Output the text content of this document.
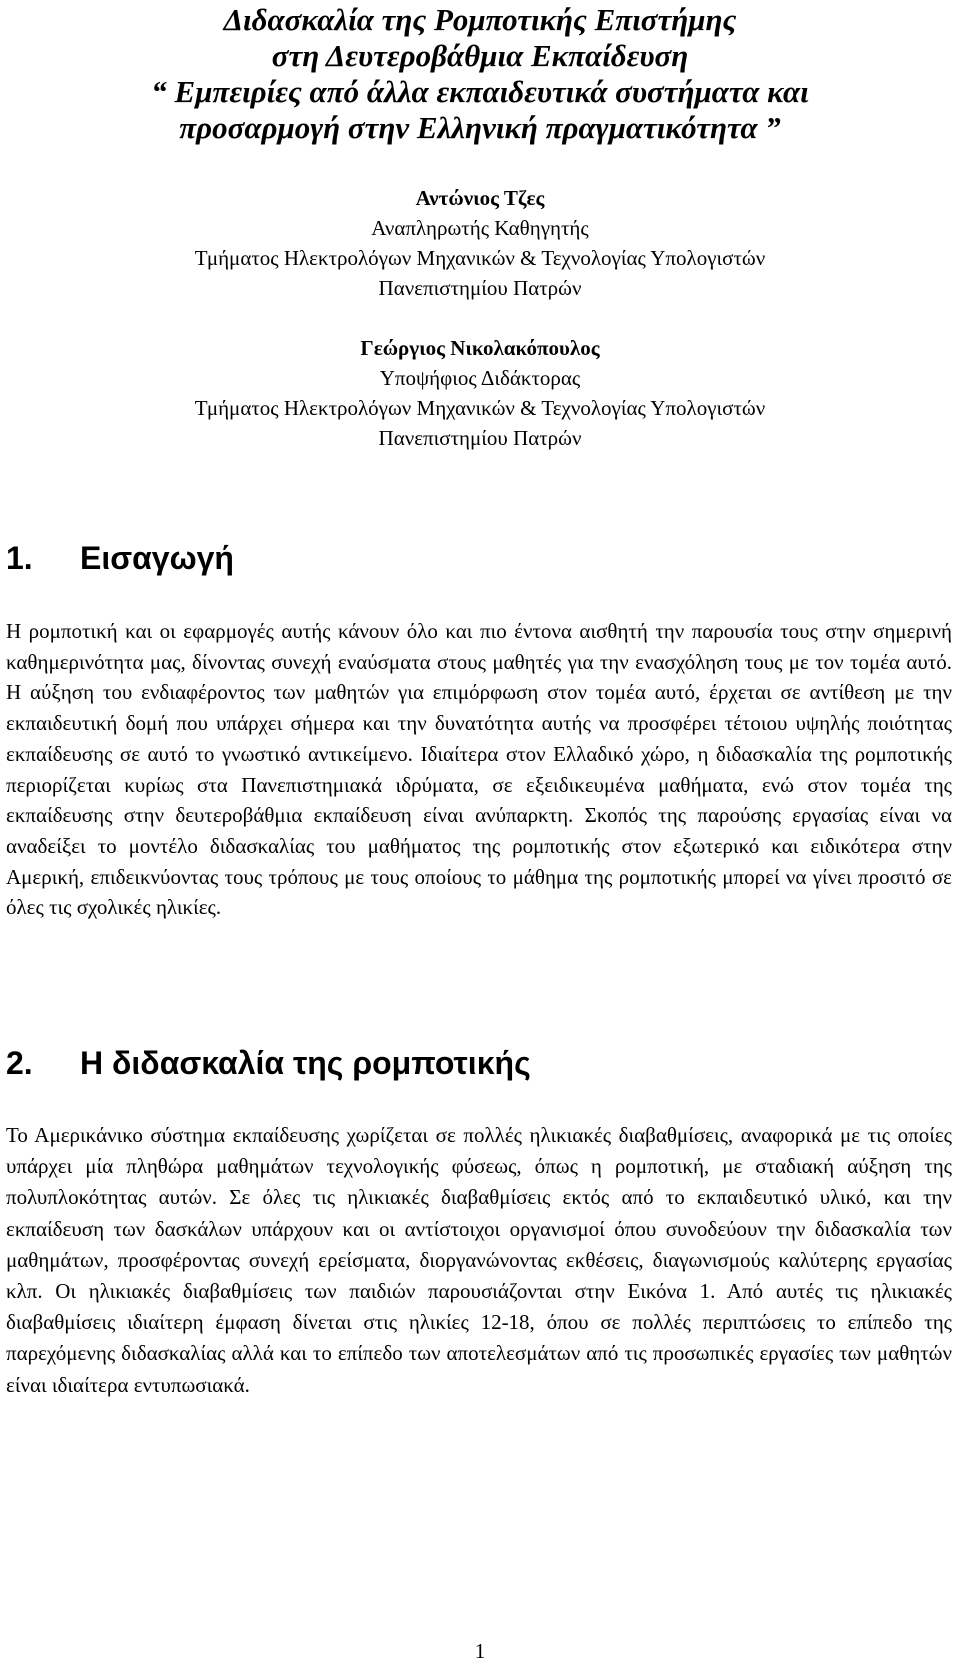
Διδασκαλία της Ρομποτικής Επιστήμης
στη Δευτεροβάθμια Εκπαίδευση
“ Εμπειρίες από άλλα εκπαιδευτικά συστήματα και
προσαρμογή στην Ελληνική πραγματικότητα ”
Αντώνιος Τζες
Αναπληρωτής Καθηγητής
Τμήματος Ηλεκτρολόγων Μηχανικών & Τεχνολογίας Υπολογιστών
Πανεπιστημίου Πατρών
Γεώργιος Νικολακόπουλος
Υποψήφιος Διδάκτορας
Τμήματος Ηλεκτρολόγων Μηχανικών & Τεχνολογίας Υπολογιστών
Πανεπιστημίου Πατρών
1. Εισαγωγή
Η ρομποτική και οι εφαρμογές αυτής κάνουν όλο και πιο έντονα αισθητή την παρουσία τους στην σημερινή καθημερινότητα μας, δίνοντας συνεχή εναύσματα στους μαθητές για την ενασχόληση τους με τον τομέα αυτό. Η αύξηση του ενδιαφέροντος των μαθητών για επιμόρφωση στον τομέα αυτό, έρχεται σε αντίθεση με την εκπαιδευτική δομή που υπάρχει σήμερα και την δυνατότητα αυτής να προσφέρει τέτοιου υψηλής ποιότητας εκπαίδευσης σε αυτό το γνωστικό αντικείμενο. Ιδιαίτερα στον Ελλαδικό χώρο, η διδασκαλία της ρομποτικής περιορίζεται κυρίως στα Πανεπιστημιακά ιδρύματα, σε εξειδικευμένα μαθήματα, ενώ στον τομέα της εκπαίδευσης στην δευτεροβάθμια εκπαίδευση είναι ανύπαρκτη. Σκοπός της παρούσης εργασίας είναι να αναδείξει το μοντέλο διδασκαλίας του μαθήματος της ρομποτικής στον εξωτερικό και ειδικότερα στην Αμερική, επιδεικνύοντας τους τρόπους με τους οποίους το μάθημα της ρομποτικής μπορεί να γίνει προσιτό σε όλες τις σχολικές ηλικίες.
2. Η διδασκαλία της ρομποτικής
Το Αμερικάνικο σύστημα εκπαίδευσης χωρίζεται σε πολλές ηλικιακές διαβαθμίσεις, αναφορικά με τις οποίες υπάρχει μία πληθώρα μαθημάτων τεχνολογικής φύσεως, όπως η ρομποτική, με σταδιακή αύξηση της πολυπλοκότητας αυτών. Σε όλες τις ηλικιακές διαβαθμίσεις εκτός από το εκπαιδευτικό υλικό, και την εκπαίδευση των δασκάλων υπάρχουν και οι αντίστοιχοι οργανισμοί όπου συνοδεύουν την διδασκαλία των μαθημάτων, προσφέροντας συνεχή ερείσματα, διοργανώνοντας εκθέσεις, διαγωνισμούς καλύτερης εργασίας κλπ. Οι ηλικιακές διαβαθμίσεις των παιδιών παρουσιάζονται στην Εικόνα 1. Από αυτές τις ηλικιακές διαβαθμίσεις ιδιαίτερη έμφαση δίνεται στις ηλικίες 12-18, όπου σε πολλές περιπτώσεις το επίπεδο της παρεχόμενης διδασκαλίας αλλά και το επίπεδο των αποτελεσμάτων από τις προσωπικές εργασίες των μαθητών είναι ιδιαίτερα εντυπωσιακά.
1
